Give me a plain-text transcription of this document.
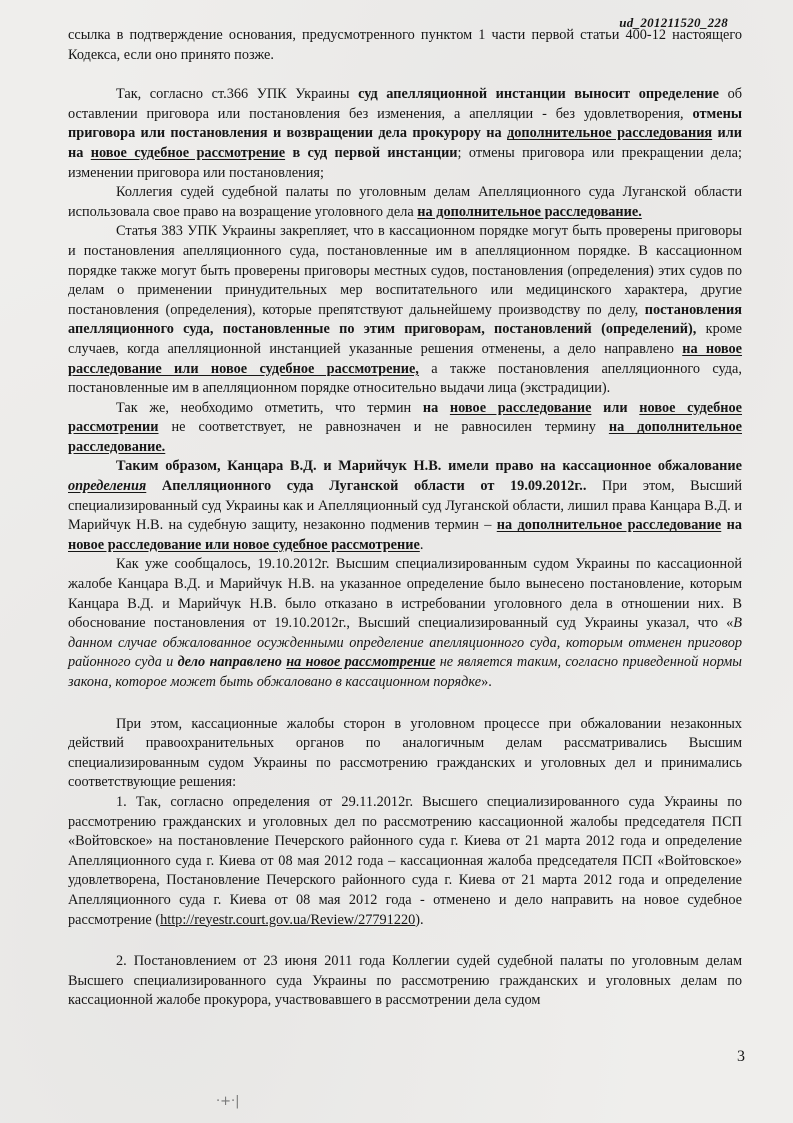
ud_201211520_228

ссылка в подтверждение основания, предусмотренного пунктом 1 части первой статьи 400-12 настоящего Кодекса, если оно принято позже.

Так, согласно ст.366 УПК Украины суд апелляционной инстанции выносит определение об оставлении приговора или постановления без изменения, а апелляции - без удовлетворения, отмены приговора или постановления и возвращении дела прокурору на дополнительное расследования или на новое судебное рассмотрение в суд первой инстанции; отмены приговора или прекращении дела; изменении приговора или постановления;

Коллегия судей судебной палаты по уголовным делам Апелляционного суда Луганской области использовала свое право на возращение уголовного дела на дополнительное расследование.

Статья 383 УПК Украины закрепляет, что в кассационном порядке могут быть проверены приговоры и постановления апелляционного суда, постановленные им в апелляционном порядке. В кассационном порядке также могут быть проверены приговоры местных судов, постановления (определения) этих судов по делам о применении принудительных мер воспитательного или медицинского характера, другие постановления (определения), которые препятствуют дальнейшему производству по делу, постановления апелляционного суда, постановленные по этим приговорам, постановлений (определений), кроме случаев, когда апелляционной инстанцией указанные решения отменены, а дело направлено на новое расследование или новое судебное рассмотрение, а также постановления апелляционного суда, постановленные им в апелляционном порядке относительно выдачи лица (экстрадиции).

Так же, необходимо отметить, что термин на новое расследование или новое судебное рассмотрении не соответствует, не равнозначен и не равносилен термину на дополнительное расследование.

Таким образом, Канцара В.Д. и Марийчук Н.В. имели право на кассационное обжалование определения Апелляционного суда Луганской области от 19.09.2012г.. При этом, Высший специализированный суд Украины как и Апелляционный суд Луганской области, лишил права Канцара В.Д. и Марийчук Н.В. на судебную защиту, незаконно подменив термин – на дополнительное расследование на новое расследование или новое судебное рассмотрение.

Как уже сообщалось, 19.10.2012г. Высшим специализированным судом Украины по кассационной жалобе Канцара В.Д. и Марийчук Н.В. на указанное определение было вынесено постановление, которым Канцара В.Д. и Марийчук Н.В. было отказано в истребовании уголовного дела в отношении них. В обоснование постановления от 19.10.2012г., Высший специализированный суд Украины указал, что «В данном случае обжалованное осужденными определение апелляционного суда, которым отменен приговор районного суда и дело направлено на новое рассмотрение не является таким, согласно приведенной нормы закона, которое может быть обжаловано в кассационном порядке».

При этом, кассационные жалобы сторон в уголовном процессе при обжаловании незаконных действий правоохранительных органов по аналогичным делам рассматривались Высшим специализированным судом Украины по рассмотрению гражданских и уголовных дел и принимались соответствующие решения:

1. Так, согласно определения от 29.11.2012г. Высшего специализированного суда Украины по рассмотрению гражданских и уголовных дел по рассмотрению кассационной жалобы председателя ПСП «Войтовское» на постановление Печерского районного суда г. Киева от 21 марта 2012 года и определение Апелляционного суда г. Киева от 08 мая 2012 года – кассационная жалоба председателя ПСП «Войтовское» удовлетворена, Постановление Печерского районного суда г. Киева от 21 марта 2012 года и определение Апелляционного суда г. Киева от 08 мая 2012 года - отменено и дело направить на новое судебное рассмотрение (http://reyestr.court.gov.ua/Review/27791220).

2. Постановлением от 23 июня 2011 года Коллегии судей судебной палаты по уголовным делам Высшего специализированного суда Украины по рассмотрению гражданских и уголовных делам по кассационной жалобе прокурора, участвовавшего в рассмотрении дела судом

3
·+·|
